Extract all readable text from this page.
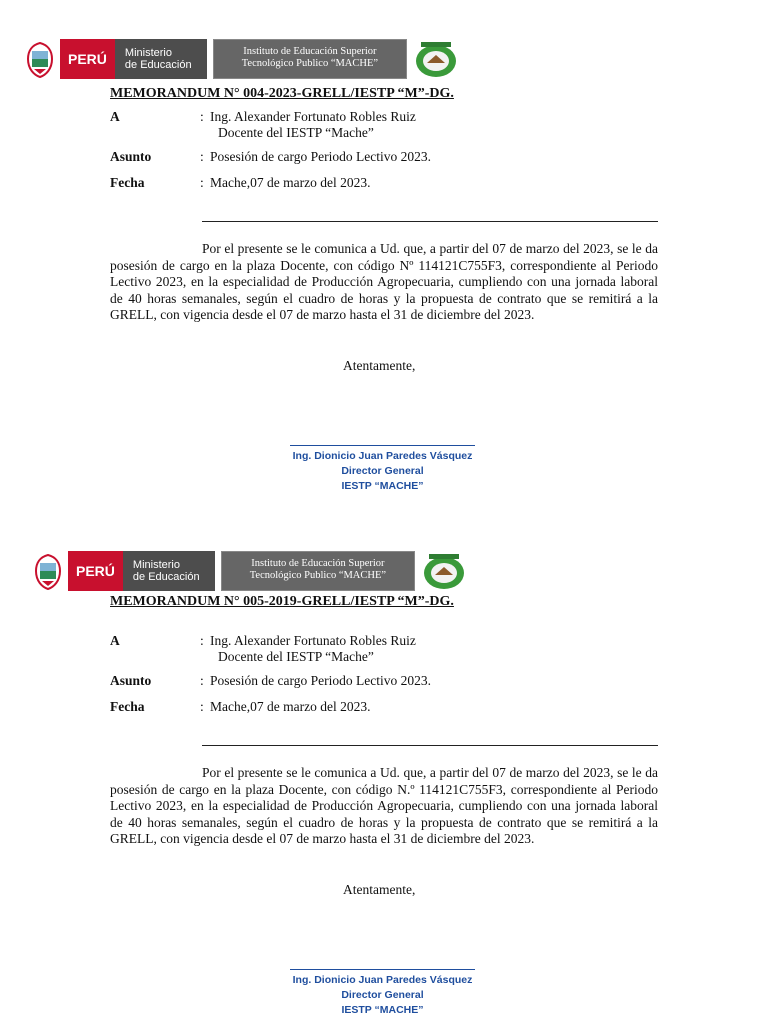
PERÚ	Ministerio
de Educación
Instituto de Educación Superior
Tecnológico Publico “MACHE”
MEMORANDUM N° 004-2023-GRELL/IESTP “M”-DG.
A	: Ing. Alexander Fortunato Robles Ruiz
Docente del IESTP “Mache”
Asunto	: Posesión de cargo Periodo Lectivo 2023.
Fecha	: Mache,07 de marzo del 2023.
Por el presente se le comunica a Ud. que, a partir del 07 de marzo del 2023, se le da posesión de cargo en la plaza Docente, con código Nº 114121C755F3, correspondiente al Periodo Lectivo 2023, en la especialidad de Producción Agropecuaria, cumpliendo con una jornada laboral de 40 horas semanales, según el cuadro de horas y la propuesta de contrato que se remitirá a la GRELL, con vigencia desde el 07 de marzo hasta el 31 de diciembre del 2023.
Atentamente,
Ing. Dionicio Juan Paredes Vásquez
Director General
IESTP “MACHE”
PERÚ	Ministerio
de Educación
Instituto de Educación Superior
Tecnológico Publico “MACHE”
MEMORANDUM N° 005-2019-GRELL/IESTP “M”-DG.
A	: Ing. Alexander Fortunato Robles Ruiz
Docente del IESTP “Mache”
Asunto	: Posesión de cargo Periodo Lectivo 2023.
Fecha	: Mache,07 de marzo del 2023.
Por el presente se le comunica a Ud. que, a partir del 07 de marzo del 2023, se le da posesión de cargo en la plaza Docente, con código N.º 114121C755F3, correspondiente al Periodo Lectivo 2023, en la especialidad de Producción Agropecuaria, cumpliendo con una jornada laboral de 40 horas semanales, según el cuadro de horas y la propuesta de contrato que se remitirá a la GRELL, con vigencia desde el 07 de marzo hasta el 31 de diciembre del 2023.
Atentamente,
Ing. Dionicio Juan Paredes Vásquez
Director General
IESTP “MACHE”
